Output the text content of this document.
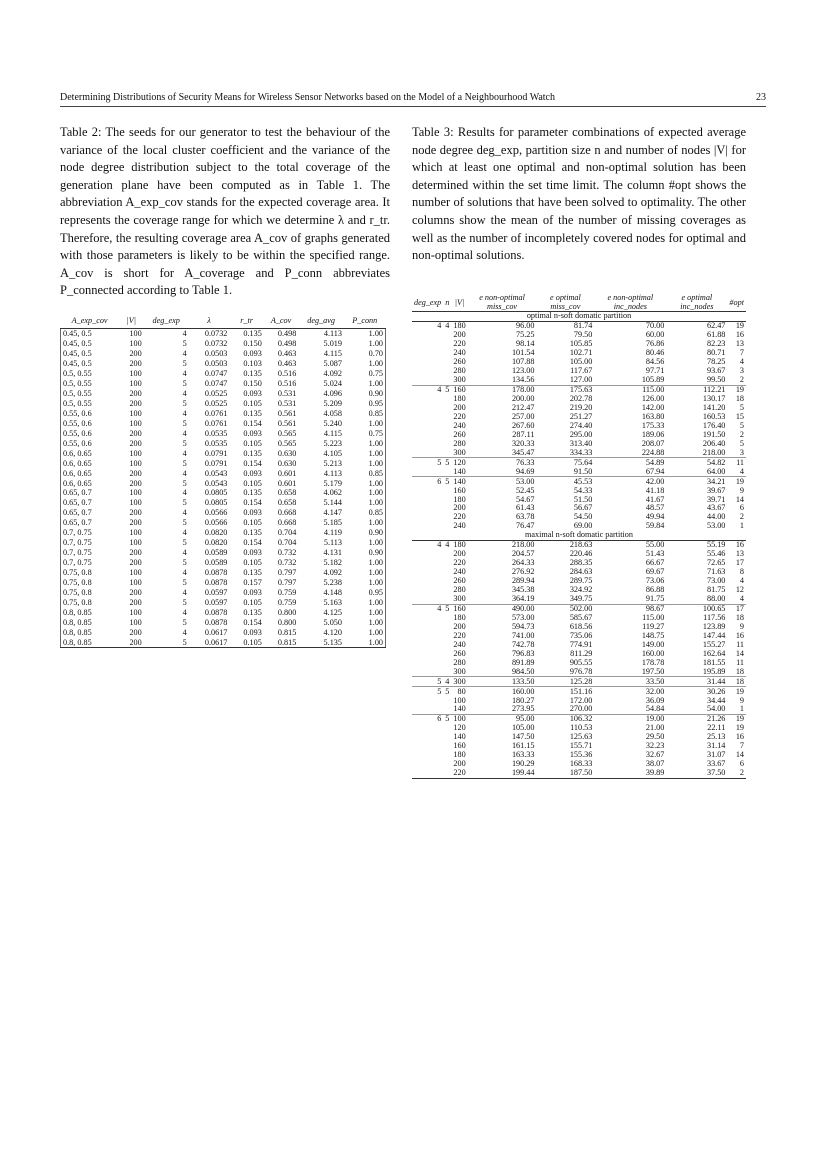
Determining Distributions of Security Means for Wireless Sensor Networks based on the Model of a Neighbourhood Watch	23
Table 2: The seeds for our generator to test the behaviour of the variance of the local cluster coefficient and the variance of the node degree distribution subject to the total coverage of the generation plane have been computed as in Table 1. The abbreviation A_exp_cov stands for the expected coverage area. It represents the coverage range for which we determine λ and r_tr. Therefore, the resulting coverage area A_cov of graphs generated with those parameters is likely to be within the specified range. A_cov is short for A_coverage and P_conn abbreviates P_connected according to Table 1.
Table 3: Results for parameter combinations of expected average node degree deg_exp, partition size n and number of nodes |V| for which at least one optimal and non-optimal solution has been determined within the set time limit. The column #opt shows the number of solutions that have been solved to optimality. The other columns show the mean of the number of missing coverages as well as the number of incompletely covered nodes for optimal and non-optimal solutions.
A_exp_cov	|V|	deg_exp	λ	r_tr	A_cov	deg_avg	P_conn
0.45, 0.5	100	4	0.0732	0.135	0.498	4.113	1.00
0.45, 0.5	100	5	0.0732	0.150	0.498	5.019	1.00
0.45, 0.5	200	4	0.0503	0.093	0.463	4.115	0.70
0.45, 0.5	200	5	0.0503	0.103	0.463	5.087	1.00
0.5, 0.55	100	4	0.0747	0.135	0.516	4.092	0.75
0.5, 0.55	100	5	0.0747	0.150	0.516	5.024	1.00
0.5, 0.55	200	4	0.0525	0.093	0.531	4.096	0.90
0.5, 0.55	200	5	0.0525	0.105	0.531	5.209	0.95
0.55, 0.6	100	4	0.0761	0.135	0.561	4.058	0.85
0.55, 0.6	100	5	0.0761	0.154	0.561	5.240	1.00
0.55, 0.6	200	4	0.0535	0.093	0.565	4.115	0.75
0.55, 0.6	200	5	0.0535	0.105	0.565	5.223	1.00
0.6, 0.65	100	4	0.0791	0.135	0.630	4.105	1.00
0.6, 0.65	100	5	0.0791	0.154	0.630	5.213	1.00
0.6, 0.65	200	4	0.0543	0.093	0.601	4.113	0.85
0.6, 0.65	200	5	0.0543	0.105	0.601	5.179	1.00
0.65, 0.7	100	4	0.0805	0.135	0.658	4.062	1.00
0.65, 0.7	100	5	0.0805	0.154	0.658	5.144	1.00
0.65, 0.7	200	4	0.0566	0.093	0.668	4.147	0.85
0.65, 0.7	200	5	0.0566	0.105	0.668	5.185	1.00
0.7, 0.75	100	4	0.0820	0.135	0.704	4.119	0.90
0.7, 0.75	100	5	0.0820	0.154	0.704	5.113	1.00
0.7, 0.75	200	4	0.0589	0.093	0.732	4.131	0.90
0.7, 0.75	200	5	0.0589	0.105	0.732	5.182	1.00
0.75, 0.8	100	4	0.0878	0.135	0.797	4.092	1.00
0.75, 0.8	100	5	0.0878	0.157	0.797	5.238	1.00
0.75, 0.8	200	4	0.0597	0.093	0.759	4.148	0.95
0.75, 0.8	200	5	0.0597	0.105	0.759	5.163	1.00
0.8, 0.85	100	4	0.0878	0.135	0.800	4.125	1.00
0.8, 0.85	100	5	0.0878	0.154	0.800	5.050	1.00
0.8, 0.85	200	4	0.0617	0.093	0.815	4.120	1.00
0.8, 0.85	200	5	0.0617	0.105	0.815	5.135	1.00
deg_exp	n	|V|	e non-optimal miss_cov	e optimal miss_cov	e non-optimal inc_nodes	e optimal inc_nodes	#opt
optimal n-soft domatic partition							
4	4	180	96.00	81.74	70.00	62.47	19
		200	75.25	79.50	60.00	61.88	16
		220	98.14	105.85	76.86	82.23	13
		240	101.54	102.71	80.46	80.71	7
		260	107.88	105.00	84.56	78.25	4
		280	123.00	117.67	97.71	93.67	3
		300	134.56	127.00	105.89	99.50	2
4	5	160	178.00	175.63	115.00	112.21	19
		180	200.00	202.78	126.00	130.17	18
		200	212.47	219.20	142.00	141.20	5
		220	257.00	251.27	163.80	160.53	15
		240	267.60	274.40	175.33	176.40	5
		260	287.11	295.00	189.06	191.50	2
		280	320.33	313.40	208.07	206.40	5
		300	345.47	334.33	224.88	218.00	3
5	5	120	76.33	75.64	54.89	54.82	11
		140	94.69	91.50	67.94	64.00	4
6	5	140	53.00	45.53	42.00	34.21	19
		160	52.45	54.33	41.18	39.67	9
		180	54.67	51.50	41.67	39.71	14
		200	61.43	56.67	48.57	43.67	6
		220	63.78	54.50	49.94	44.00	2
		240	76.47	69.00	59.84	53.00	1
maximal n-soft domatic partition							
4	4	180	218.00	218.63	55.00	55.19	16
		200	204.57	220.46	51.43	55.46	13
		220	264.33	288.35	66.67	72.65	17
		240	276.92	284.63	69.67	71.63	8
		260	289.94	289.75	73.06	73.00	4
		280	345.38	324.92	86.88	81.75	12
		300	364.19	349.75	91.75	88.00	4
4	5	160	490.00	502.00	98.67	100.65	17
		180	573.00	585.67	115.00	117.56	18
		200	594.73	618.56	119.27	123.89	9
		220	741.00	735.06	148.75	147.44	16
		240	742.78	774.91	149.00	155.27	11
		260	796.83	811.29	160.00	162.64	14
		280	891.89	905.55	178.78	181.55	11
		300	984.50	976.78	197.50	195.89	18
5	4	300	133.50	125.28	33.50	31.44	18
5	5	80	160.00	151.16	32.00	30.26	19
		100	180.27	172.00	36.09	34.44	9
		140	273.95	270.00	54.84	54.00	1
6	5	100	95.00	106.32	19.00	21.26	19
		120	105.00	110.53	21.00	22.11	19
		140	147.50	125.63	29.50	25.13	16
		160	161.15	155.71	32.23	31.14	7
		180	163.33	155.36	32.67	31.07	14
		200	190.29	168.33	38.07	33.67	6
		220	199.44	187.50	39.89	37.50	2
